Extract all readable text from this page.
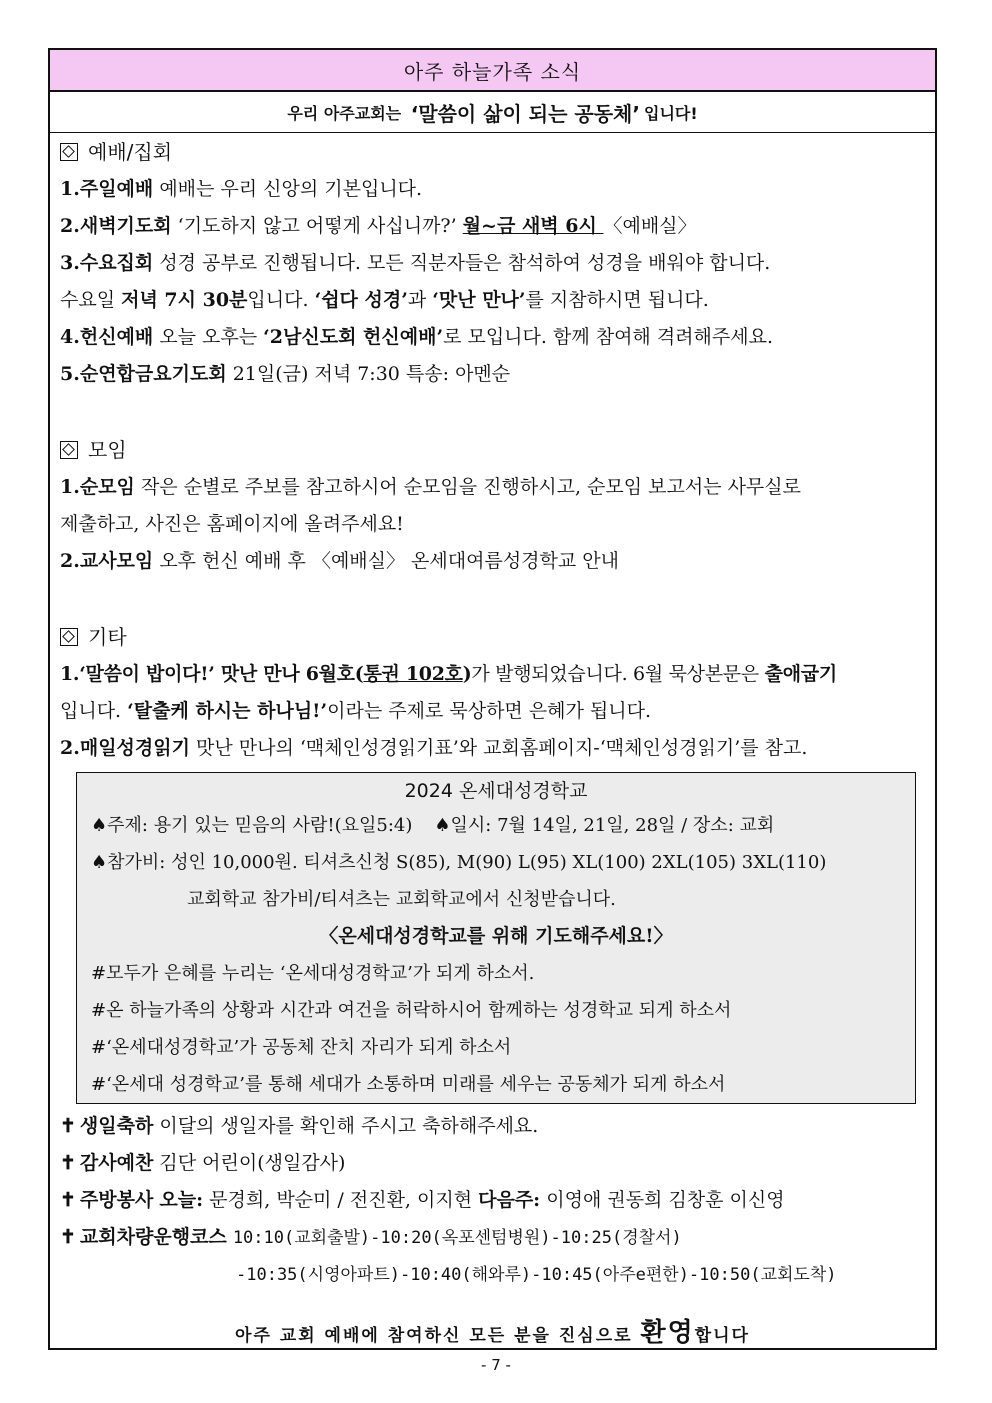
아주 하늘가족 소식
우리 아주교회는
‘말씀이 삶이 되는 공동체’ 입니다!
예배/집회
1.주일예배 예배는 우리 신앙의 기본입니다.
2.새벽기도회 ‘기도하지 않고 어떻게 사십니까?’ 월~금 새벽 6시 〈예배실〉
3.수요집회 성경 공부로 진행됩니다. 모든 직분자들은 참석하여 성경을 배워야 합니다.
수요일 저녁 7시 30분입니다. ‘쉽다 성경’과 ‘맛난 만나’를 지참하시면 됩니다.
4.헌신예배 오늘 오후는 ‘2남신도회 헌신예배’로 모입니다. 함께 참여해 격려해주세요.
5.순연합금요기도회 21일(금) 저녁 7:30 특송: 아멘순
모임
1.순모임 작은 순별로 주보를 참고하시어 순모임을 진행하시고, 순모임 보고서는 사무실로
제출하고, 사진은 홈페이지에 올려주세요!
2.교사모임 오후 헌신 예배 후 〈예배실〉 온세대여름성경학교 안내
기타
1.‘말씀이 밥이다!’ 맛난 만나 6월호(통권 102호)가 발행되었습니다. 6월 묵상본문은 출애굽기
입니다. ‘탈출케 하시는 하나님!’이라는 주제로 묵상하면 은혜가 됩니다.
2.매일성경읽기 맛난 만나의 ‘맥체인성경읽기표’와 교회홈페이지-‘맥체인성경읽기’를 참고.
2024 온세대성경학교
♠주제: 용기 있는 믿음의 사람!(요일5:4) ♠일시: 7월 14일, 21일, 28일 / 장소: 교회
♠참가비: 성인 10,000원. 티셔츠신청 S(85), M(90) L(95) XL(100) 2XL(105) 3XL(110)
교회학교 참가비/티셔츠는 교회학교에서 신청받습니다.
〈온세대성경학교를 위해 기도해주세요!〉
#모두가 은혜를 누리는 ‘온세대성경학교’가 되게 하소서.
#온 하늘가족의 상황과 시간과 여건을 허락하시어 함께하는 성경학교 되게 하소서
#‘온세대성경학교’가 공동체 잔치 자리가 되게 하소서
#‘온세대 성경학교’를 통해 세대가 소통하며 미래를 세우는 공동체가 되게 하소서
✝ 생일축하 이달의 생일자를 확인해 주시고 축하해주세요.
✝ 감사예찬 김단 어린이(생일감사)
✝ 주방봉사 오늘: 문경희, 박순미 / 전진환, 이지현 다음주: 이영애 권동희 김창훈 이신영
✝ 교회차량운행코스 10:10(교회출발)-10:20(옥포센텀병원)-10:25(경찰서)
-10:35(시영아파트)-10:40(해와루)-10:45(아주e편한)-10:50(교회도착)
아주 교회 예배에 참여하신 모든 분을 진심으로 환영합니다
- 7 -
